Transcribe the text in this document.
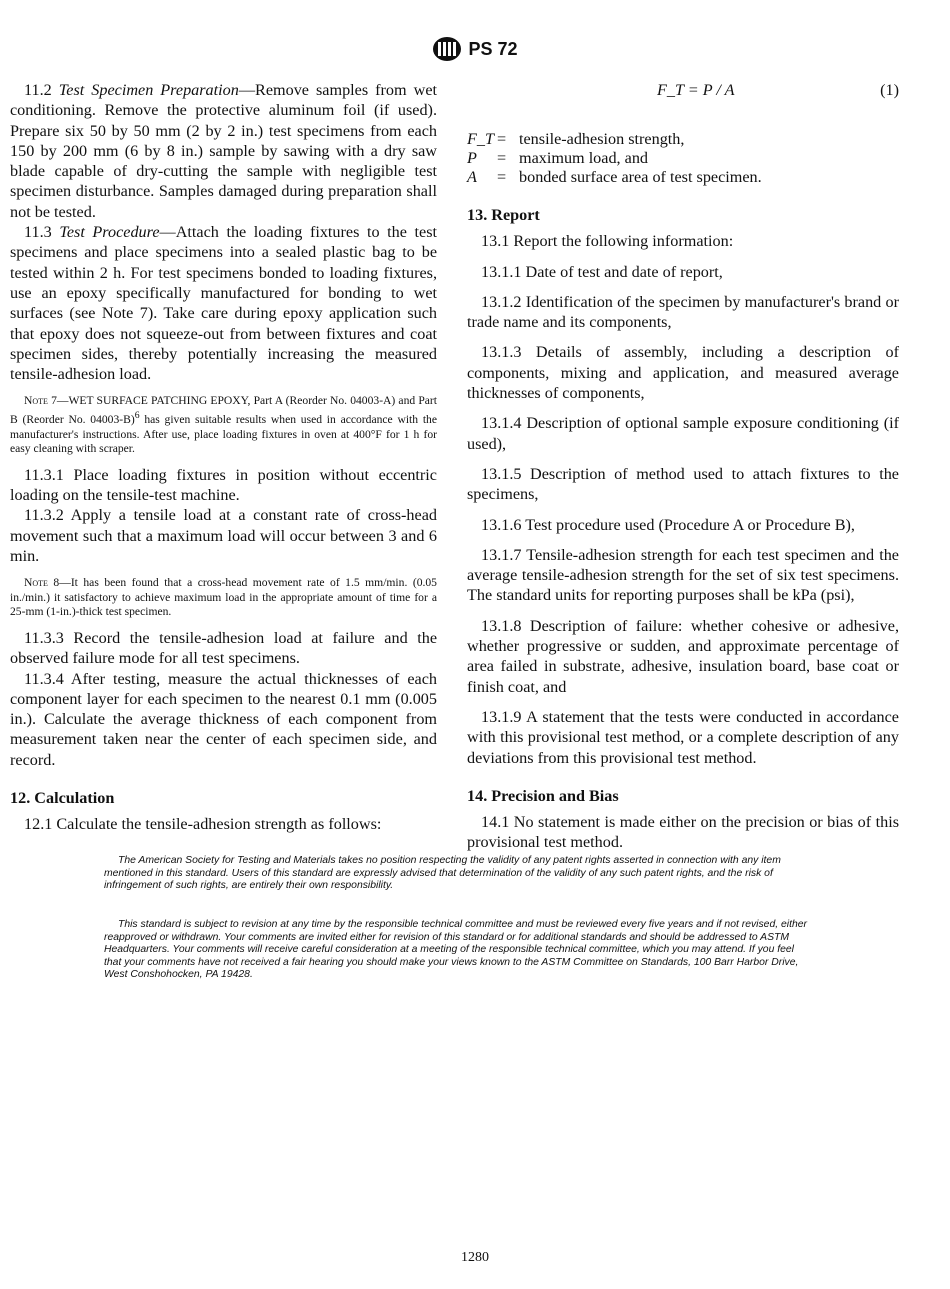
PS 72

11.2 Test Specimen Preparation—Remove samples from wet conditioning. Remove the protective aluminum foil (if used). Prepare six 50 by 50 mm (2 by 2 in.) test specimens from each 150 by 200 mm (6 by 8 in.) sample by sawing with a dry saw blade capable of dry-cutting the sample with negligible test specimen disturbance. Samples damaged during preparation shall not be tested.

11.3 Test Procedure—Attach the loading fixtures to the test specimens and place specimens into a sealed plastic bag to be tested within 2 h. For test specimens bonded to loading fixtures, use an epoxy specifically manufactured for bonding to wet surfaces (see Note 7). Take care during epoxy application such that epoxy does not squeeze-out from between fixtures and coat specimen sides, thereby potentially increasing the measured tensile-adhesion load.

Note 7—WET SURFACE PATCHING EPOXY, Part A (Reorder No. 04003-A) and Part B (Reorder No. 04003-B)$^6$ has given suitable results when used in accordance with the manufacturer's instructions. After use, place loading fixtures in oven at 400°F for 1 h for easy cleaning with scraper.

11.3.1 Place loading fixtures in position without eccentric loading on the tensile-test machine.

11.3.2 Apply a tensile load at a constant rate of cross-head movement such that a maximum load will occur between 3 and 6 min.

Note 8—It has been found that a cross-head movement rate of 1.5 mm/min. (0.05 in./min.) it satisfactory to achieve maximum load in the appropriate amount of time for a 25-mm (1-in.)-thick test specimen.

11.3.3 Record the tensile-adhesion load at failure and the observed failure mode for all test specimens.

11.3.4 After testing, measure the actual thicknesses of each component layer for each specimen to the nearest 0.1 mm (0.005 in.). Calculate the average thickness of each component from measurement taken near the center of each specimen side, and record.

12. Calculation

12.1 Calculate the tensile-adhesion strength as follows:

F_T = P / A	(1)
F_T = tensile-adhesion strength,
P	= maximum load, and
A	= bonded surface area of test specimen.

13. Report

13.1 Report the following information:

13.1.1 Date of test and date of report,

13.1.2 Identification of the specimen by manufacturer's brand or trade name and its components,

13.1.3 Details of assembly, including a description of components, mixing and application, and measured average thicknesses of components,

13.1.4 Description of optional sample exposure conditioning (if used),

13.1.5 Description of method used to attach fixtures to the specimens,

13.1.6 Test procedure used (Procedure A or Procedure B),

13.1.7 Tensile-adhesion strength for each test specimen and the average tensile-adhesion strength for the set of six test specimens. The standard units for reporting purposes shall be kPa (psi),

13.1.8 Description of failure: whether cohesive or adhesive, whether progressive or sudden, and approximate percentage of area failed in substrate, adhesive, insulation board, base coat or finish coat, and

13.1.9 A statement that the tests were conducted in accordance with this provisional test method, or a complete description of any deviations from this provisional test method.

14. Precision and Bias

14.1 No statement is made either on the precision or bias of this provisional test method.

The American Society for Testing and Materials takes no position respecting the validity of any patent rights asserted in connection with any item mentioned in this standard. Users of this standard are expressly advised that determination of the validity of any such patent rights, and the risk of infringement of such rights, are entirely their own responsibility.
This standard is subject to revision at any time by the responsible technical committee and must be reviewed every five years and if not revised, either reapproved or withdrawn. Your comments are invited either for revision of this standard or for additional standards and should be addressed to ASTM Headquarters. Your comments will receive careful consideration at a meeting of the responsible technical committee, which you may attend. If you feel that your comments have not received a fair hearing you should make your views known to the ASTM Committee on Standards, 100 Barr Harbor Drive, West Conshohocken, PA 19428.
1280
